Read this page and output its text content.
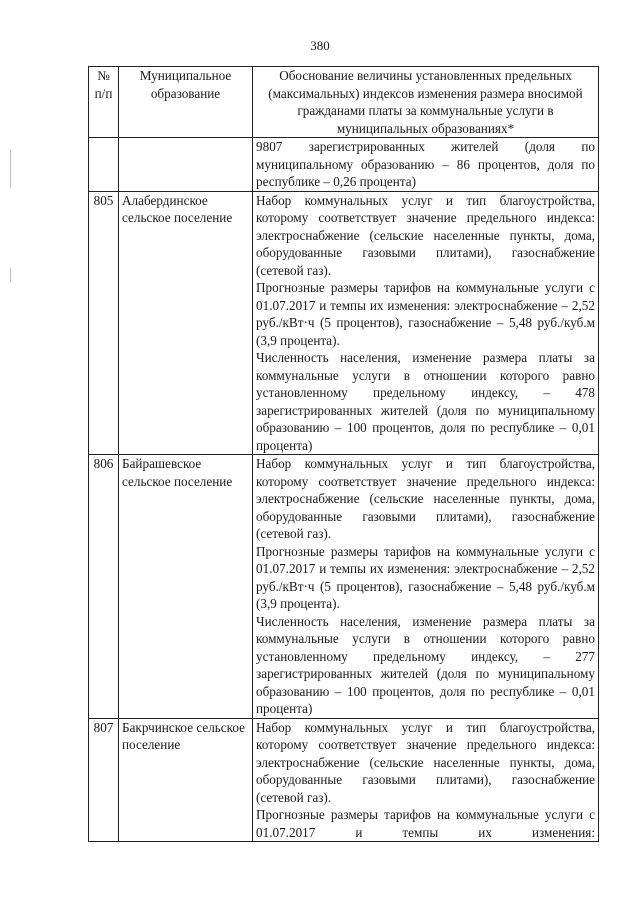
380
№ п/п	Муниципальное образование	Обоснование величины установленных предельных (максимальных) индексов изменения размера вносимой гражданами платы за коммунальные услуги в муниципальных образованиях*
		9807 зарегистрированных жителей (доля по муниципальному образованию – 86 процентов, доля по республике – 0,26 процента)
805	Алабердинское сельское поселение	Набор коммунальных услуг и тип благоустройства, которому соответствует значение предельного индекса: электроснабжение (сельские населенные пункты, дома, оборудованные газовыми плитами), газоснабжение (сетевой газ).
Прогнозные размеры тарифов на коммунальные услуги с 01.07.2017 и темпы их изменения: электроснабжение – 2,52 руб./кВт·ч (5 процентов), газоснабжение – 5,48 руб./куб.м (3,9 процента).
Численность населения, изменение размера платы за коммунальные услуги в отношении которого равно установленному предельному индексу, – 478 зарегистрированных жителей (доля по муниципальному образованию – 100 процентов, доля по республике – 0,01 процента)

806	Байрашевское сельское поселение	Набор коммунальных услуг и тип благоустройства, которому соответствует значение предельного индекса: электроснабжение (сельские населенные пункты, дома, оборудованные газовыми плитами), газоснабжение (сетевой газ).
Прогнозные размеры тарифов на коммунальные услуги с 01.07.2017 и темпы их изменения: электроснабжение – 2,52 руб./кВт·ч (5 процентов), газоснабжение – 5,48 руб./куб.м (3,9 процента).
Численность населения, изменение размера платы за коммунальные услуги в отношении которого равно установленному предельному индексу, – 277 зарегистрированных жителей (доля по муниципальному образованию – 100 процентов, доля по республике – 0,01 процента)

807	Бакрчинское сельское поселение	Набор коммунальных услуг и тип благоустройства, которому соответствует значение предельного индекса: электроснабжение (сельские населенные пункты, дома, оборудованные газовыми плитами), газоснабжение (сетевой газ).
Прогнозные размеры тарифов на коммунальные услуги с 01.07.2017 и темпы их изменения:
